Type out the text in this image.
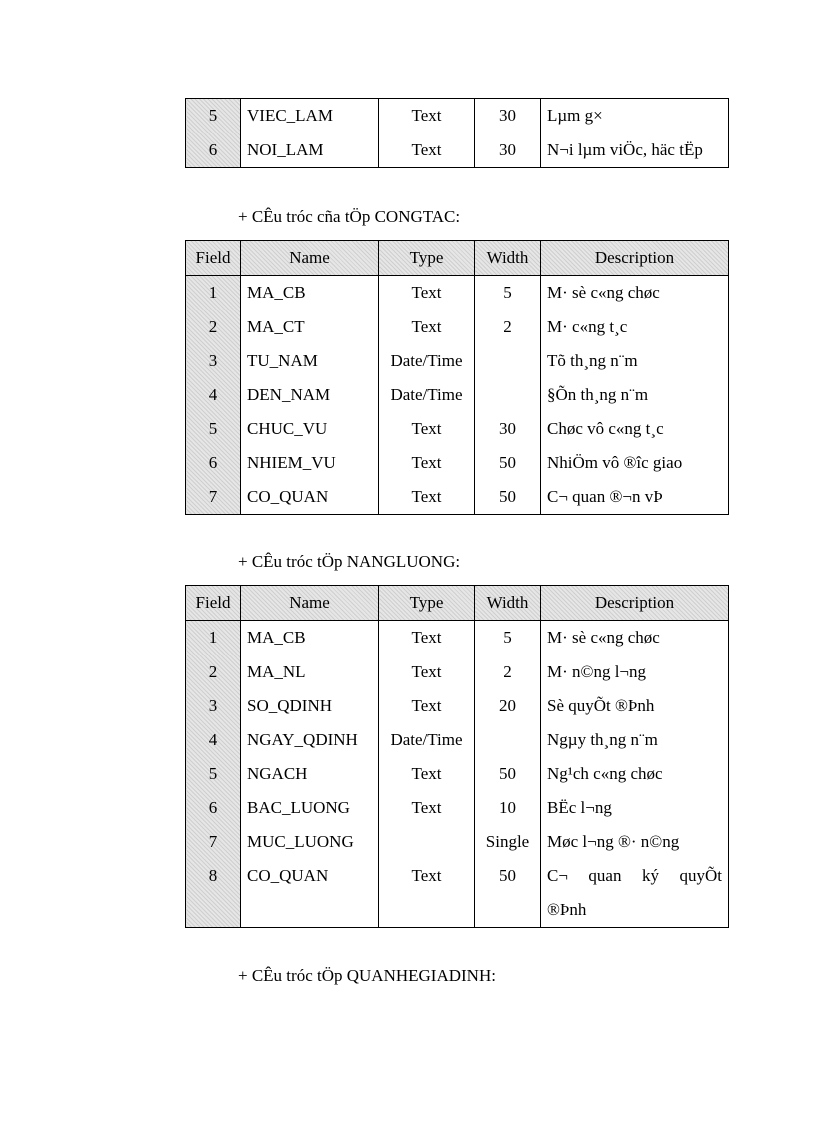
5	VIEC_LAM	Text	30	Lµm g×
6	NOI_LAM	Text	30	N¬i lµm viÖc, häc tËp
+ CÊu tróc cña tÖp CONGTAC:
Field	Name	Type	Width	Description
1	MA_CB	Text	5	M· sè c«ng chøc
2	MA_CT	Text	2	M· c«ng t¸c
3	TU_NAM	Date/Time		Tõ th¸ng n¨m
4	DEN_NAM	Date/Time		§Õn th¸ng n¨m
5	CHUC_VU	Text	30	Chøc vô c«ng t¸c
6	NHIEM_VU	Text	50	NhiÖm vô ®îc giao
7	CO_QUAN	Text	50	C¬ quan ®¬n vÞ
+ CÊu tróc tÖp NANGLUONG:
Field	Name	Type	Width	Description
1	MA_CB	Text	5	M· sè c«ng chøc
2	MA_NL	Text	2	M· n©ng l¬ng
3	SO_QDINH	Text	20	Sè quyÕt ®Þnh
4	NGAY_QDINH	Date/Time		Ngµy th¸ng n¨m
5	NGACH	Text	50	Ng¹ch c«ng chøc
6	BAC_LUONG	Text	10	BËc l¬ng
7	MUC_LUONG		Single	Møc l¬ng ®· n©ng
8	CO_QUAN	Text	50	C¬ quan ký quyÕt
				®Þnh
+ CÊu tróc tÖp QUANHEGIADINH:
